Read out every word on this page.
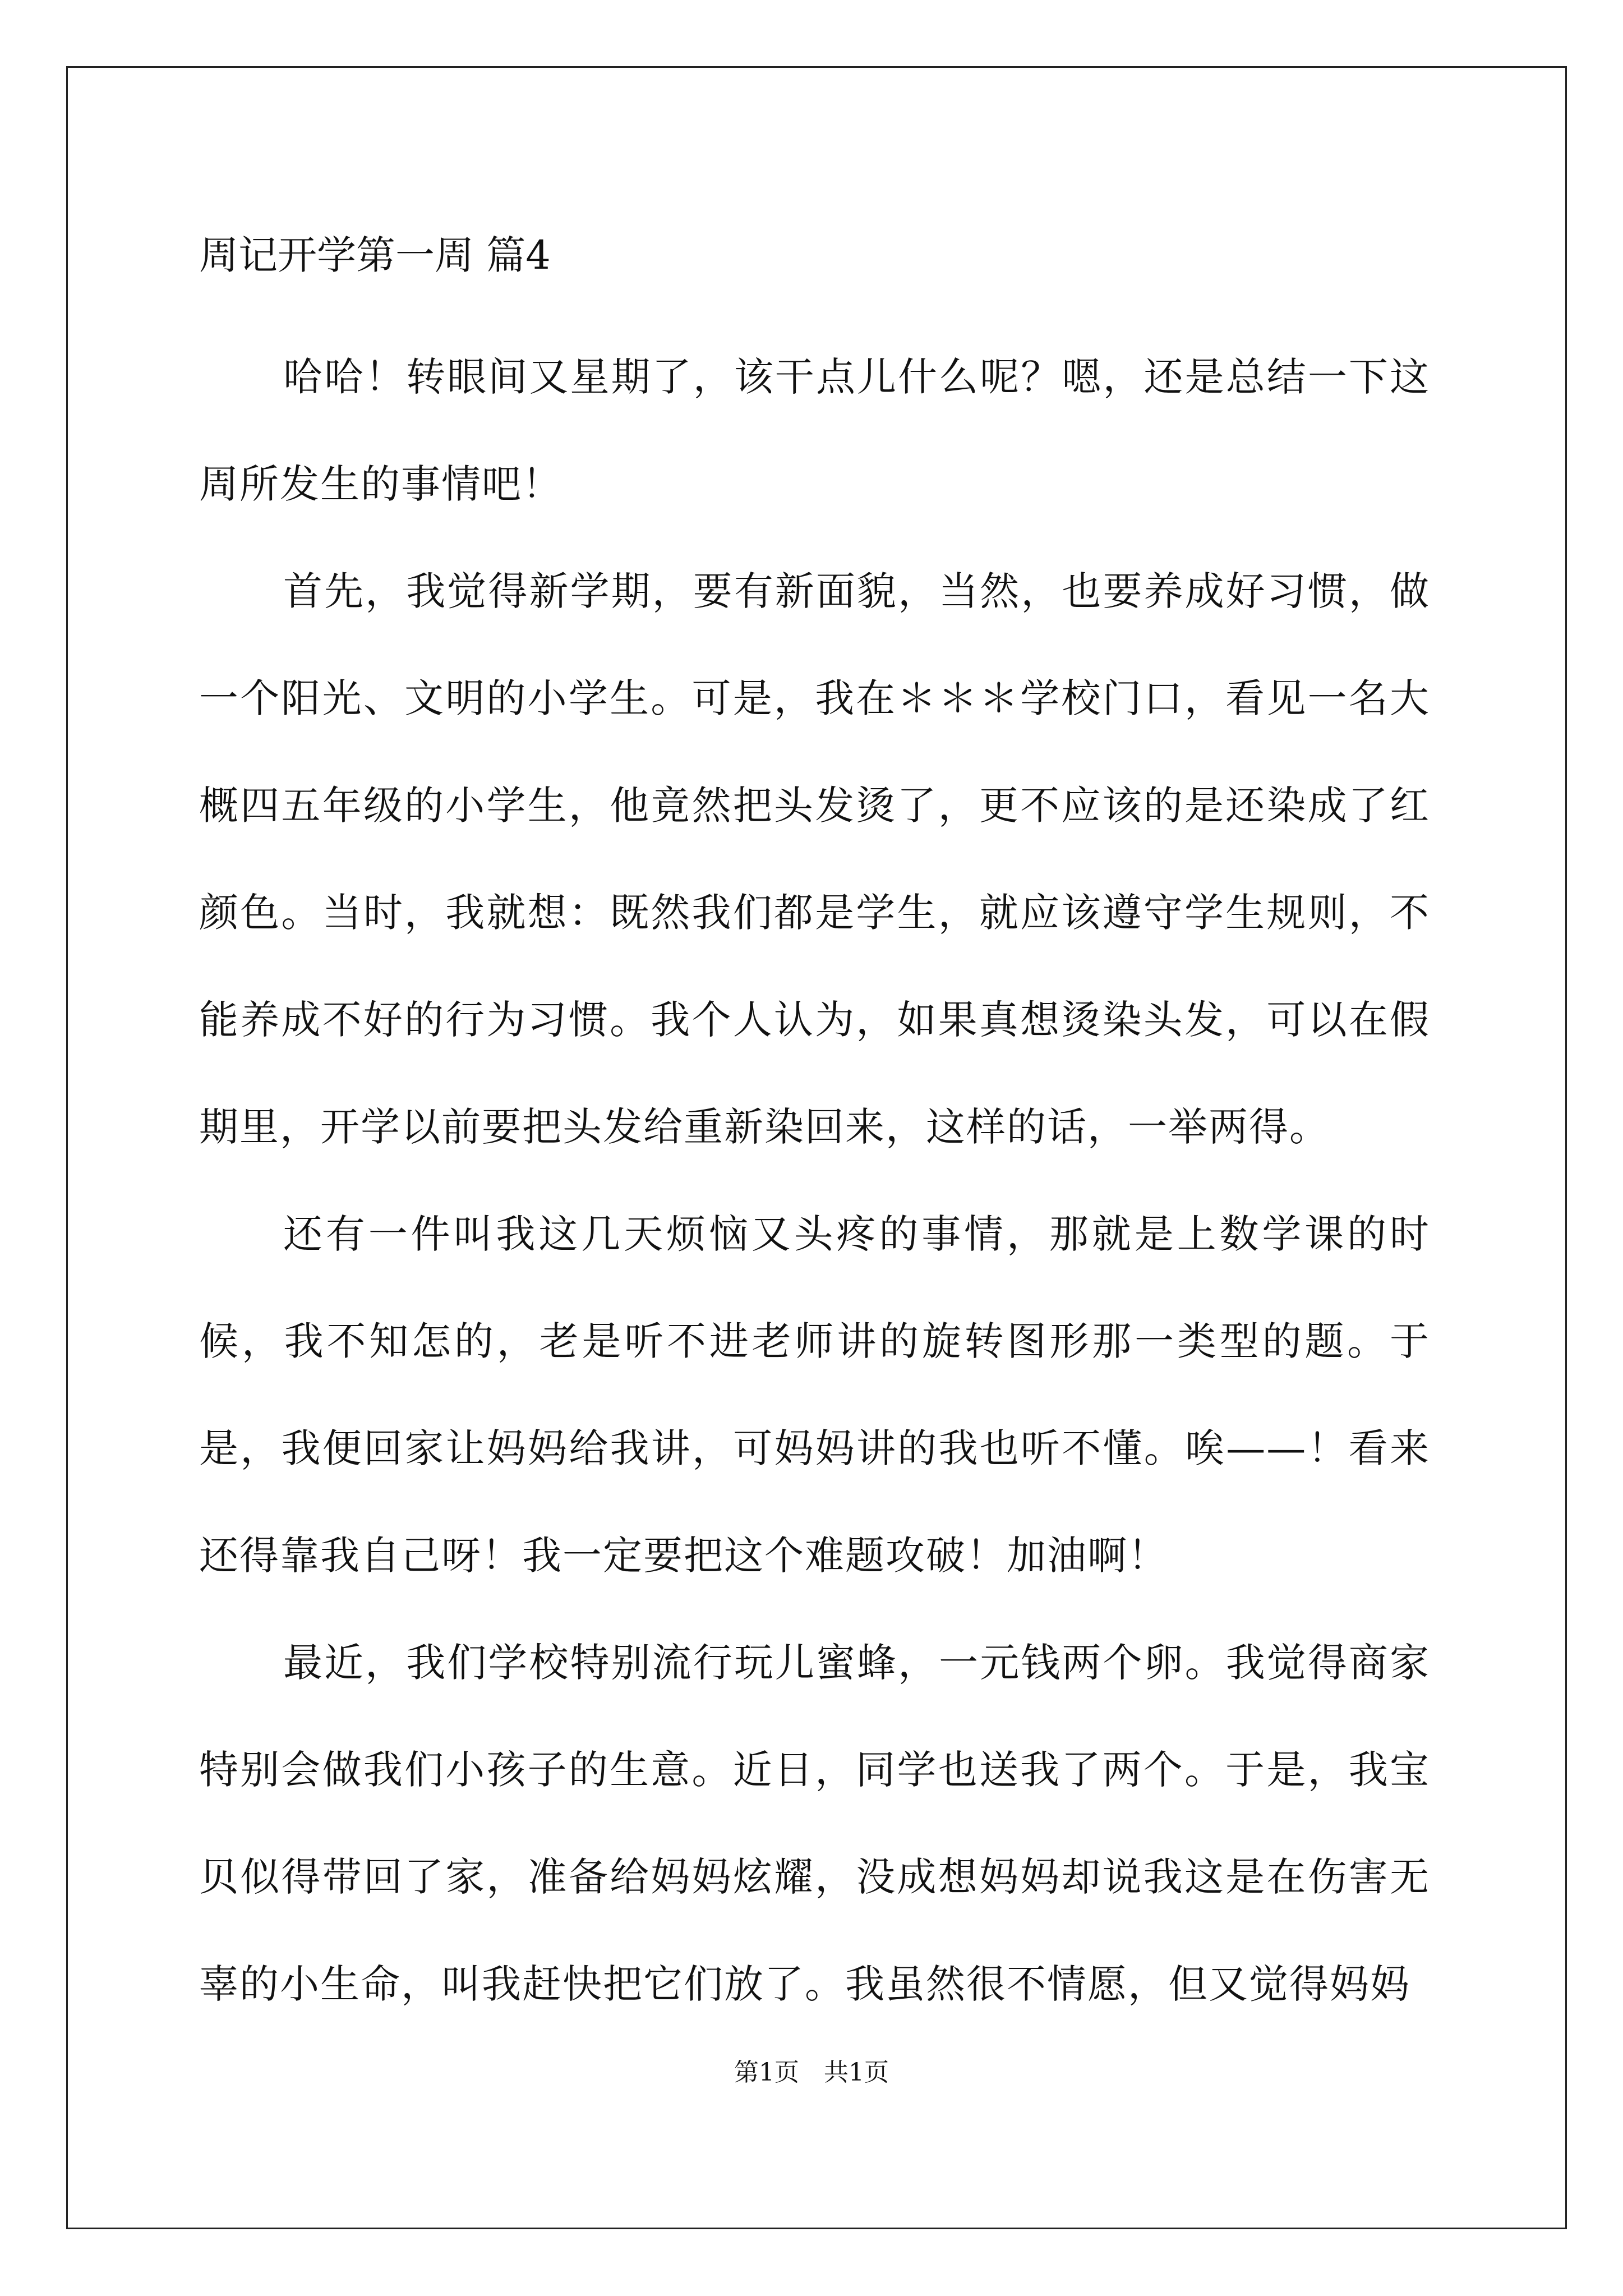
周记开学第一周 篇4

哈哈！转眼间又星期了，该干点儿什么呢？嗯，还是总结一下这周所发生的事情吧！

首先，我觉得新学期，要有新面貌，当然，也要养成好习惯，做一个阳光、文明的小学生。可是，我在＊＊＊学校门口，看见一名大概四五年级的小学生，他竟然把头发烫了，更不应该的是还染成了红颜色。当时，我就想：既然我们都是学生，就应该遵守学生规则，不能养成不好的行为习惯。我个人认为，如果真想烫染头发，可以在假期里，开学以前要把头发给重新染回来，这样的话，一举两得。

还有一件叫我这几天烦恼又头疼的事情，那就是上数学课的时候，我不知怎的，老是听不进老师讲的旋转图形那一类型的题。于是，我便回家让妈妈给我讲，可妈妈讲的我也听不懂。唉——！看来还得靠我自己呀！我一定要把这个难题攻破！加油啊！

最近，我们学校特别流行玩儿蜜蜂，一元钱两个卵。我觉得商家特别会做我们小孩子的生意。近日，同学也送我了两个。于是，我宝贝似得带回了家，准备给妈妈炫耀，没成想妈妈却说我这是在伤害无辜的小生命，叫我赶快把它们放了。我虽然很不情愿，但又觉得妈妈

第1页　共1页
